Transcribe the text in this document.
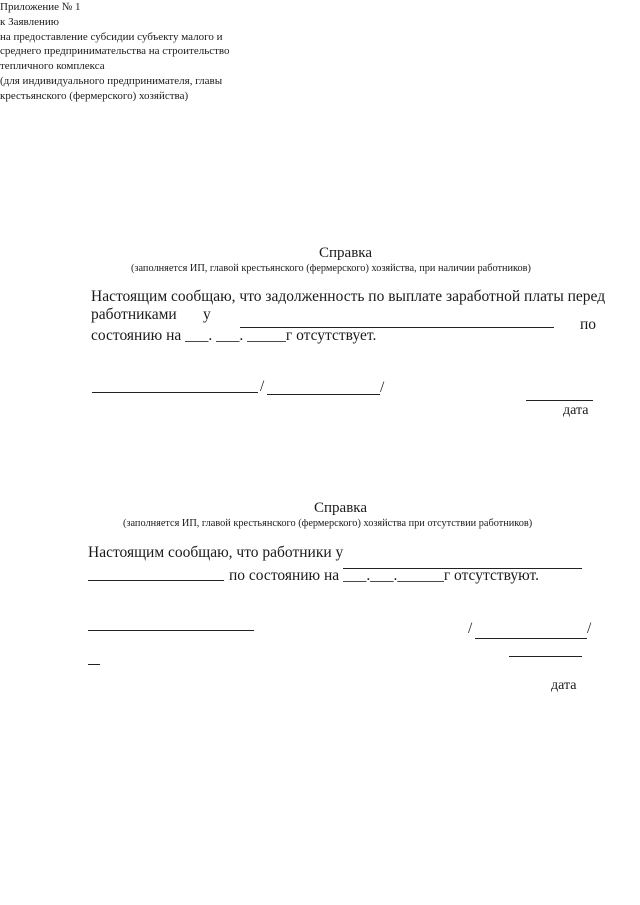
Приложение № 1
к Заявлению
на предоставление субсидии субъекту малого и
среднего предпринимательства на строительство
тепличного комплекса
(для индивидуального предпринимателя, главы
крестьянского (фермерского) хозяйства)
Справка
(заполняется ИП, главой крестьянского (фермерского) хозяйства, при наличии работников)
Настоящим сообщаю, что задолженность по выплате заработной платы перед
работниками у
по
состоянию на ___. ___. _____г отсутствует.
/	/
дата
Справка
(заполняется ИП, главой крестьянского (фермерского) хозяйства при отсутствии работников)
Настоящим сообщаю, что работники у
по состоянию на ___.___.______г отсутствуют.
/	/
дата
